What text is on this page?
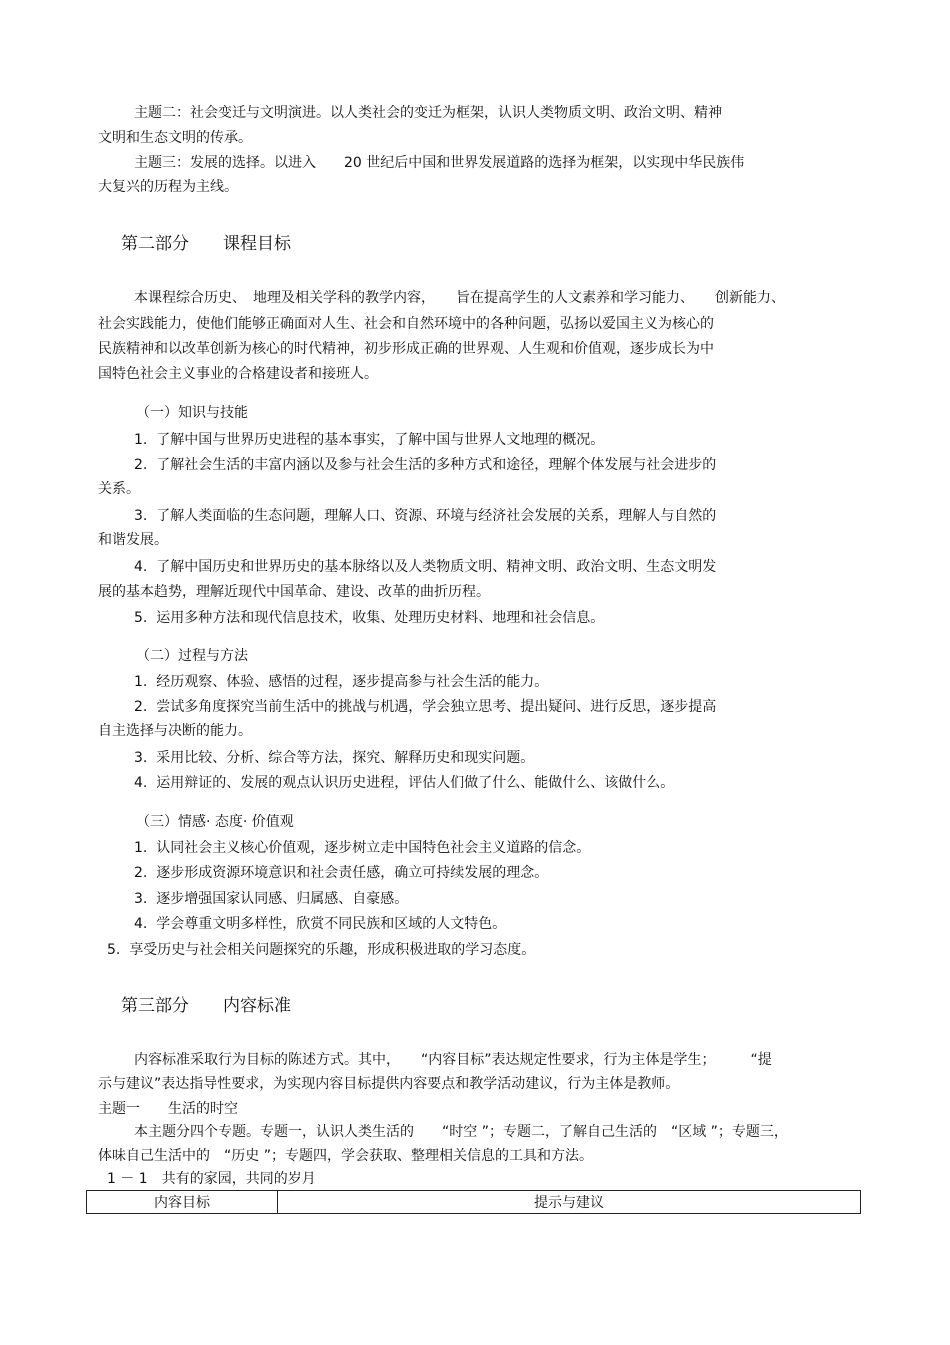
主题二：社会变迁与文明演进。以人类社会的变迁为框架，认识人类物质文明、政治文明、精神
文明和生态文明的传承。
主题三：发展的选择。以进入　　20 世纪后中国和世界发展道路的选择为框架，以实现中华民族伟
大复兴的历程为主线。
第二部分　　课程目标
本课程综合历史、　地理及相关学科的教学内容，　　旨在提高学生的人文素养和学习能力、　　创新能力、
社会实践能力，使他们能够正确面对人生、社会和自然环境中的各种问题，弘扬以爱国主义为核心的
民族精神和以改革创新为核心的时代精神，初步形成正确的世界观、人生观和价值观，逐步成长为中
国特色社会主义事业的合格建设者和接班人。
（一）知识与技能
1.  了解中国与世界历史进程的基本事实，了解中国与世界人文地理的概况。
2.  了解社会生活的丰富内涵以及参与社会生活的多种方式和途径，理解个体发展与社会进步的
关系。
3.  了解人类面临的生态问题，理解人口、资源、环境与经济社会发展的关系，理解人与自然的
和谐发展。
4.  了解中国历史和世界历史的基本脉络以及人类物质文明、精神文明、政治文明、生态文明发
展的基本趋势，理解近现代中国革命、建设、改革的曲折历程。
5.  运用多种方法和现代信息技术，收集、处理历史材料、地理和社会信息。
（二）过程与方法
1.  经历观察、体验、感悟的过程，逐步提高参与社会生活的能力。
2.  尝试多角度探究当前生活中的挑战与机遇，学会独立思考、提出疑问、进行反思，逐步提高
自主选择与决断的能力。
3.  采用比较、分析、综合等方法，探究、解释历史和现实问题。
4.  运用辩证的、发展的观点认识历史进程，评估人们做了什么、能做什么、该做什么。
（三）情感· 态度· 价值观
1.  认同社会主义核心价值观，逐步树立走中国特色社会主义道路的信念。
2.  逐步形成资源环境意识和社会责任感，确立可持续发展的理念。
3.  逐步增强国家认同感、归属感、自豪感。
4.  学会尊重文明多样性，欣赏不同民族和区域的人文特色。
5.  享受历史与社会相关问题探究的乐趣，形成积极进取的学习态度。
第三部分　　内容标准
内容标准采取行为目标的陈述方式。其中，　　“内容目标”表达规定性要求，行为主体是学生；　　　“提
示与建议”表达指导性要求，为实现内容目标提供内容要点和教学活动建议，行为主体是教师。
主题一　　生活的时空
本主题分四个专题。专题一，认识人类生活的　　“时空 ”；专题二，了解自己生活的　“区域 ”；专题三，
体味自己生活中的　“历史 ”；专题四，学会获取、整理相关信息的工具和方法。
1 － 1　共有的家园，共同的岁月
内容目标	提示与建议
